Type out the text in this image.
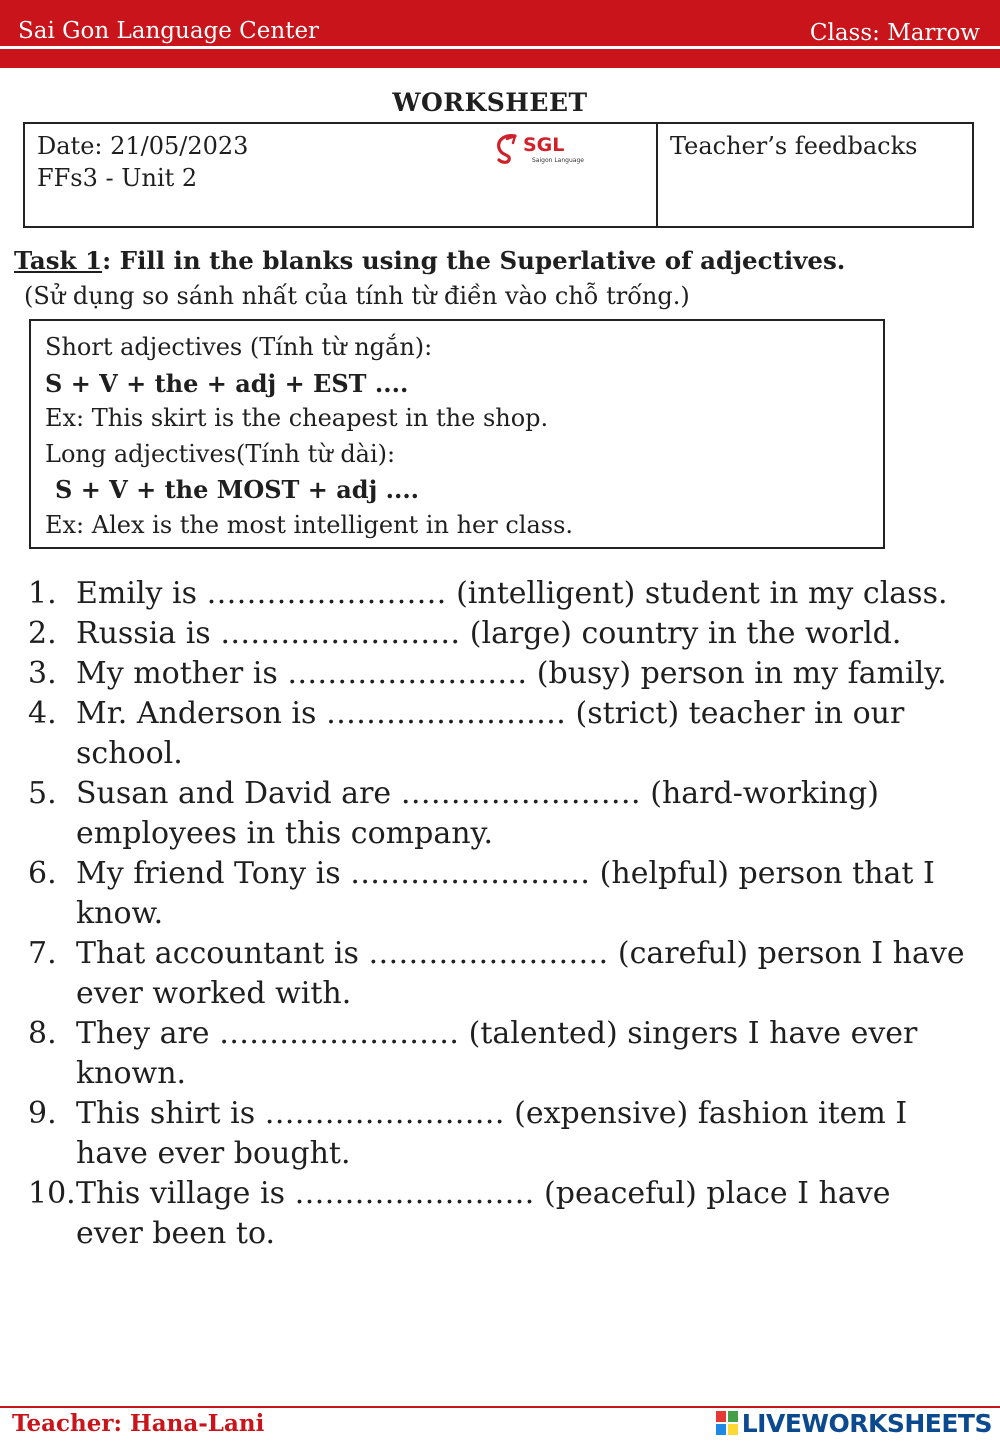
Sai Gon Language Center	Class: Marrow
WORKSHEET
Date: 21/05/2023
FFs3 - Unit 2
SGL
Saigon Language
Teacher’s feedbacks
Task 1: Fill in the blanks using the Superlative of adjectives.
(Sử dụng so sánh nhất của tính từ điền vào chỗ trống.)
Short adjectives (Tính từ ngắn):
S + V + the + adj + EST ....
Ex: This skirt is the cheapest in the shop.
Long adjectives(Tính từ dài):
S + V + the MOST + adj ....
Ex: Alex is the most intelligent in her class.
1. Emily is …………………… (intelligent) student in my class.
2. Russia is …………………… (large) country in the world.
3. My mother is …………………… (busy) person in my family.
4. Mr. Anderson is …………………… (strict) teacher in our school.
5. Susan and David are …………………… (hard-working) employees in this company.
6. My friend Tony is …………………… (helpful) person that I know.
7. That accountant is …………………… (careful) person I have ever worked with.
8. They are …………………… (talented) singers I have ever known.
9. This shirt is …………………… (expensive) fashion item I have ever bought.
10. This village is …………………… (peaceful) place I have ever been to.
Teacher: Hana-Lani	LIVEWORKSHEETS
